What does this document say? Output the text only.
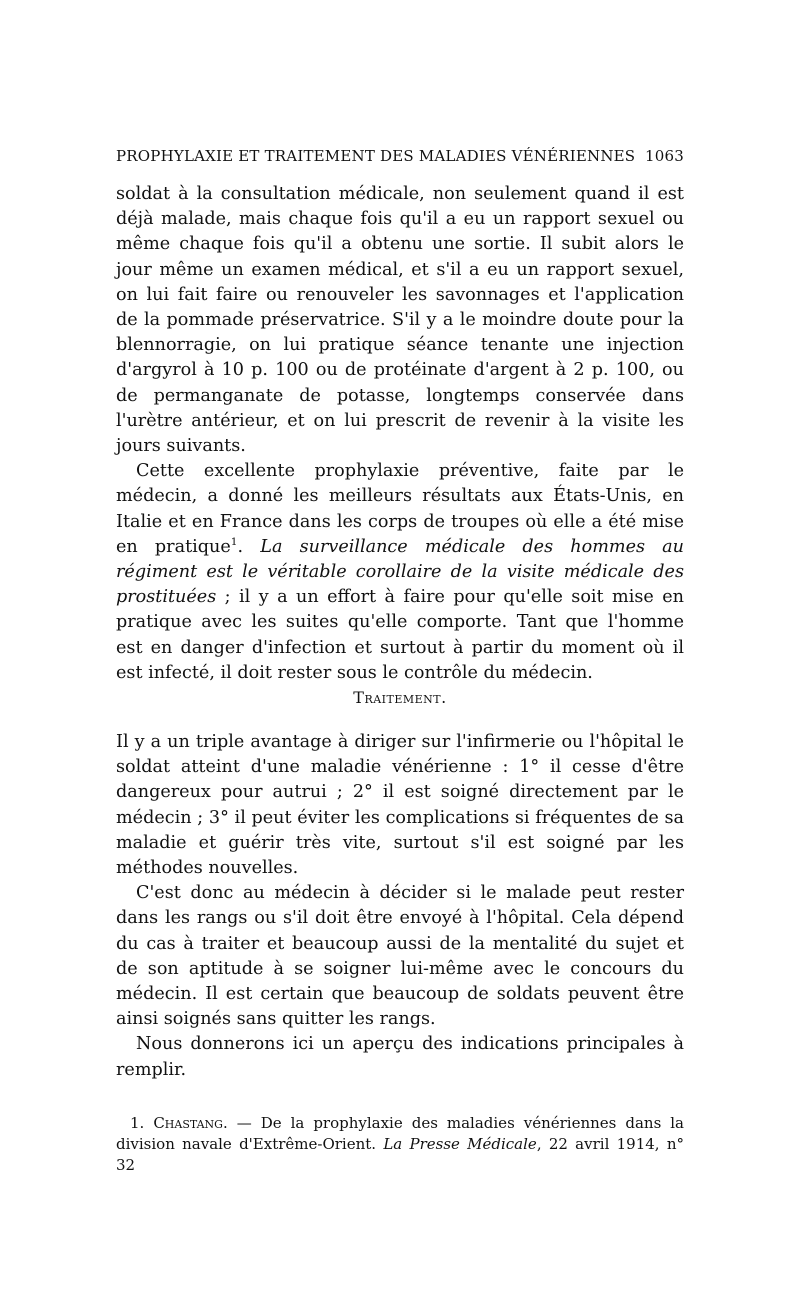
PROPHYLAXIE ET TRAITEMENT DES MALADIES VÉNÉRIENNES 1063

soldat à la consultation médicale, non seulement quand il est déjà malade, mais chaque fois qu'il a eu un rapport sexuel ou même chaque fois qu'il a obtenu une sortie. Il subit alors le jour même un examen médical, et s'il a eu un rapport sexuel, on lui fait faire ou renouveler les savonnages et l'application de la pommade préservatrice. S'il y a le moindre doute pour la blennorragie, on lui pratique séance tenante une injection d'argyrol à 10 p. 100 ou de protéinate d'argent à 2 p. 100, ou de permanganate de potasse, longtemps conservée dans l'urètre antérieur, et on lui prescrit de revenir à la visite les jours suivants.

Cette excellente prophylaxie préventive, faite par le médecin, a donné les meilleurs résultats aux États-Unis, en Italie et en France dans les corps de troupes où elle a été mise en pratique$^1$. La surveillance médicale des hommes au régiment est le véritable corollaire de la visite médicale des prostituées ; il y a un effort à faire pour qu'elle soit mise en pratique avec les suites qu'elle comporte. Tant que l'homme est en danger d'infection et surtout à partir du moment où il est infecté, il doit rester sous le contrôle du médecin.

Traitement.

Il y a un triple avantage à diriger sur l'infirmerie ou l'hôpital le soldat atteint d'une maladie vénérienne : 1° il cesse d'être dangereux pour autrui ; 2° il est soigné directement par le médecin ; 3° il peut éviter les complications si fréquentes de sa maladie et guérir très vite, surtout s'il est soigné par les méthodes nouvelles.

C'est donc au médecin à décider si le malade peut rester dans les rangs ou s'il doit être envoyé à l'hôpital. Cela dépend du cas à traiter et beaucoup aussi de la mentalité du sujet et de son aptitude à se soigner lui-même avec le concours du médecin. Il est certain que beaucoup de soldats peuvent être ainsi soignés sans quitter les rangs.

Nous donnerons ici un aperçu des indications principales à remplir.

1. Chastang. — De la prophylaxie des maladies vénériennes dans la division navale d'Extrême-Orient. La Presse Médicale, 22 avril 1914, n° 32
